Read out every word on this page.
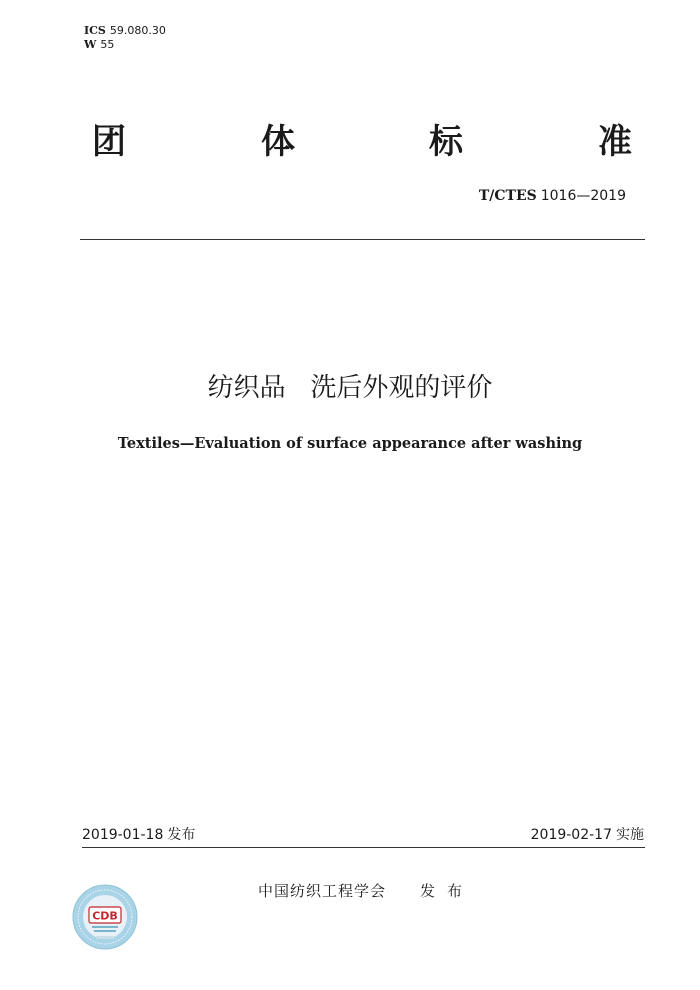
ICS 59.080.30
W 55
团	体	标	准
T/CTES 1016—2019
纺织品   洗后外观的评价
Textiles—Evaluation of surface appearance after washing
2019-01-18 发布	2019-02-17 实施
中国纺织工程学会 发布
CDB
